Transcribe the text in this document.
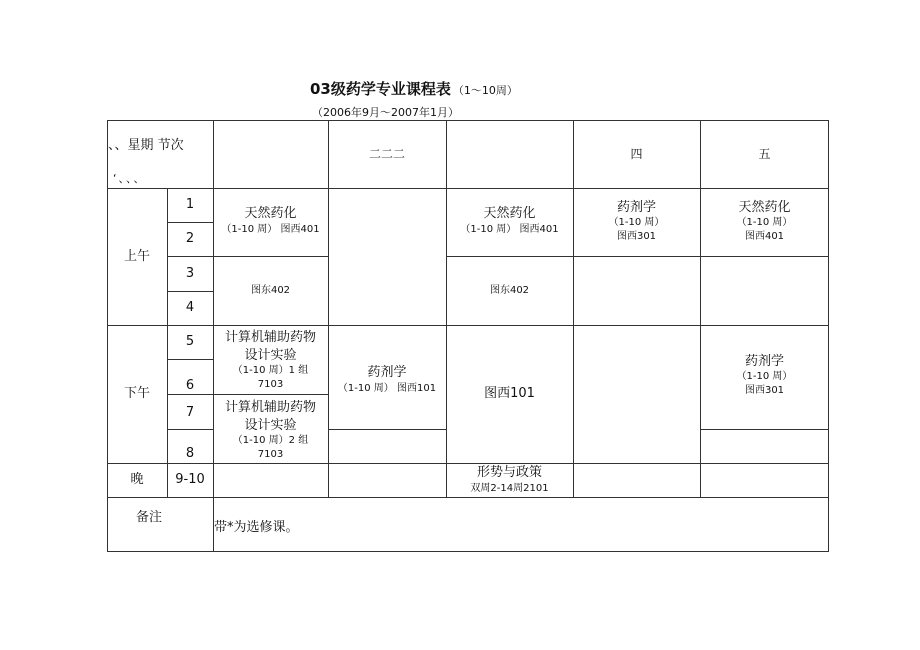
03级药学专业课程表 （1～10周）
（2006年9月～2007年1月）
、、星期 节次
‘、、、
二二二	四	五
上午
下午
晚
备注
1
2
3
4
5
6
7
8
9-10
天然药化
（1-10 周） 图西401
图东402
计算机辅助药物
设计实验
（1-10 周）1 组
7103
计算机辅助药物
设计实验
（1-10 周）2 组
7103
药剂学
（1-10 周） 图西101
天然药化
（1-10 周） 图西401
图东402
图西101
形势与政策
双周2-14周2101
药剂学
（1-10 周）
图西301
天然药化
（1-10 周）
图西401
药剂学
（1-10 周）
图西301
带*为选修课。
